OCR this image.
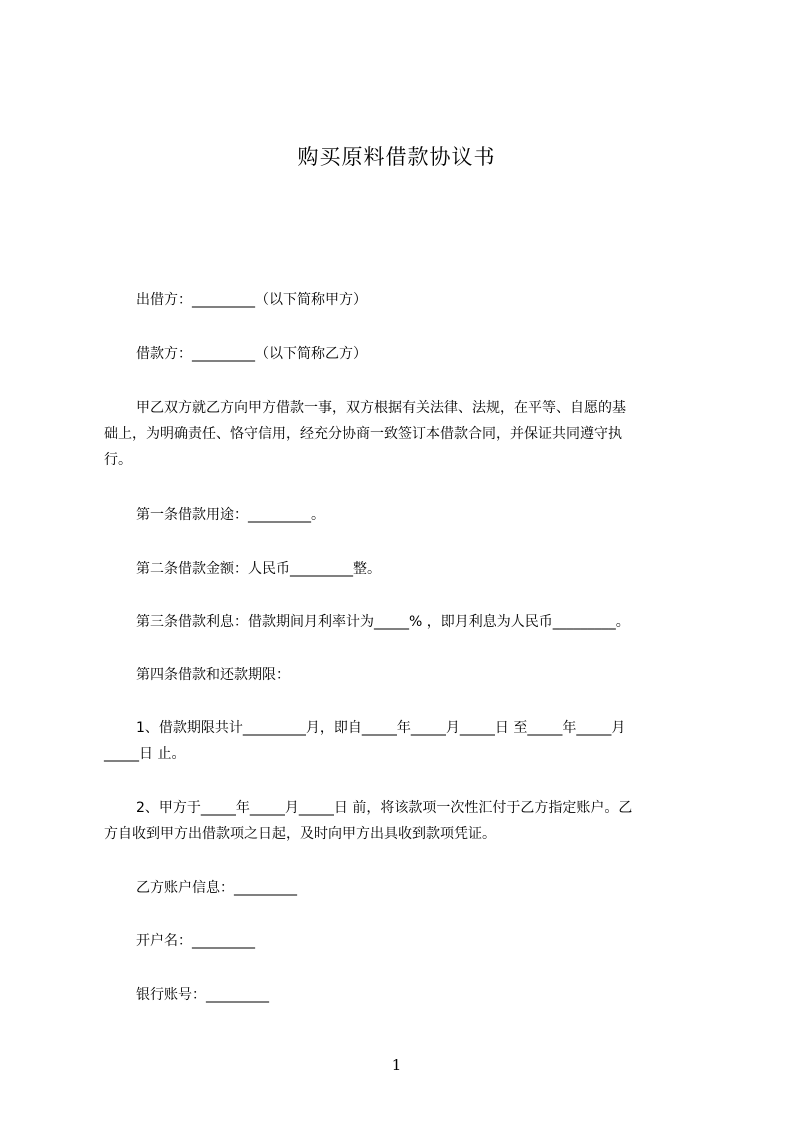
购买原料借款协议书
出借方：_________（以下简称甲方）
借款方：_________（以下简称乙方）
甲乙双方就乙方向甲方借款一事，双方根据有关法律、法规，在平等、自愿的基
础上，为明确责任、恪守信用，经充分协商一致签订本借款合同，并保证共同遵守执
行。
第一条借款用途：_________。
第二条借款金额：人民币_________整。
第三条借款利息：借款期间月利率计为_____% ，即月利息为人民币_________。
第四条借款和还款期限：
1、借款期限共计_________月，即自_____年_____月_____日 至_____年_____月
_____日 止。
2、甲方于_____年_____月_____日 前，将该款项一次性汇付于乙方指定账户。乙
方自收到甲方出借款项之日起，及时向甲方出具收到款项凭证。
乙方账户信息：_________
开户名：_________
银行账号：_________
1
